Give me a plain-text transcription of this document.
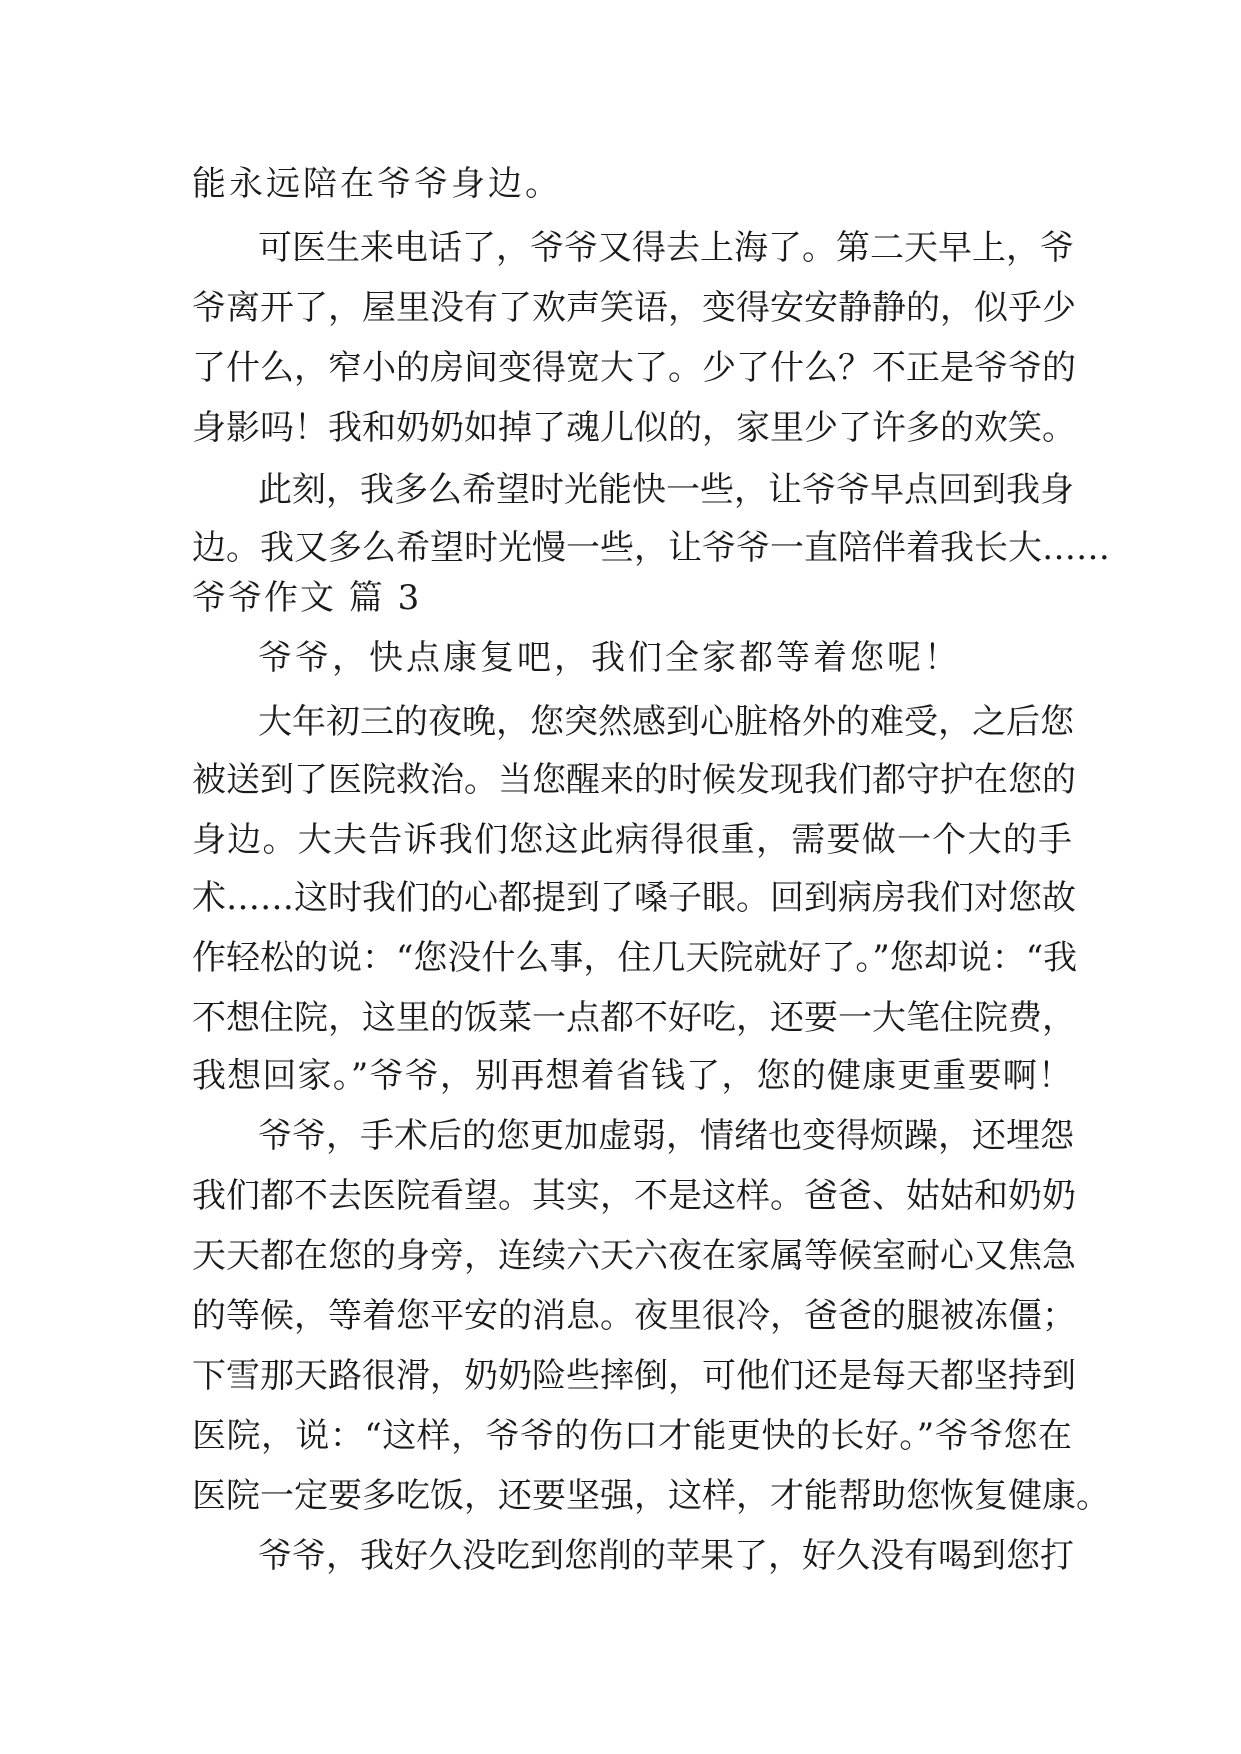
能永远陪在爷爷身边。
可医生来电话了，爷爷又得去上海了。第二天早上，爷
爷离开了，屋里没有了欢声笑语，变得安安静静的，似乎少
了什么，窄小的房间变得宽大了。少了什么？不正是爷爷的
身影吗！我和奶奶如掉了魂儿似的，家里少了许多的欢笑。
此刻，我多么希望时光能快一些，让爷爷早点回到我身
边。我又多么希望时光慢一些，让爷爷一直陪伴着我长大……
爷爷作文 篇 3
爷爷，快点康复吧，我们全家都等着您呢！
大年初三的夜晚，您突然感到心脏格外的难受，之后您
被送到了医院救治。当您醒来的时候发现我们都守护在您的
身边。大夫告诉我们您这此病得很重，需要做一个大的手
术……这时我们的心都提到了嗓子眼。回到病房我们对您故
作轻松的说：“您没什么事，住几天院就好了。”您却说：“我
不想住院，这里的饭菜一点都不好吃，还要一大笔住院费，
我想回家。”爷爷，别再想着省钱了，您的健康更重要啊！
爷爷，手术后的您更加虚弱，情绪也变得烦躁，还埋怨
我们都不去医院看望。其实，不是这样。爸爸、姑姑和奶奶
天天都在您的身旁，连续六天六夜在家属等候室耐心又焦急
的等候，等着您平安的消息。夜里很冷，爸爸的腿被冻僵；
下雪那天路很滑，奶奶险些摔倒，可他们还是每天都坚持到
医院，说：“这样，爷爷的伤口才能更快的长好。”爷爷您在
医院一定要多吃饭，还要坚强，这样，才能帮助您恢复健康。
爷爷，我好久没吃到您削的苹果了，好久没有喝到您打
